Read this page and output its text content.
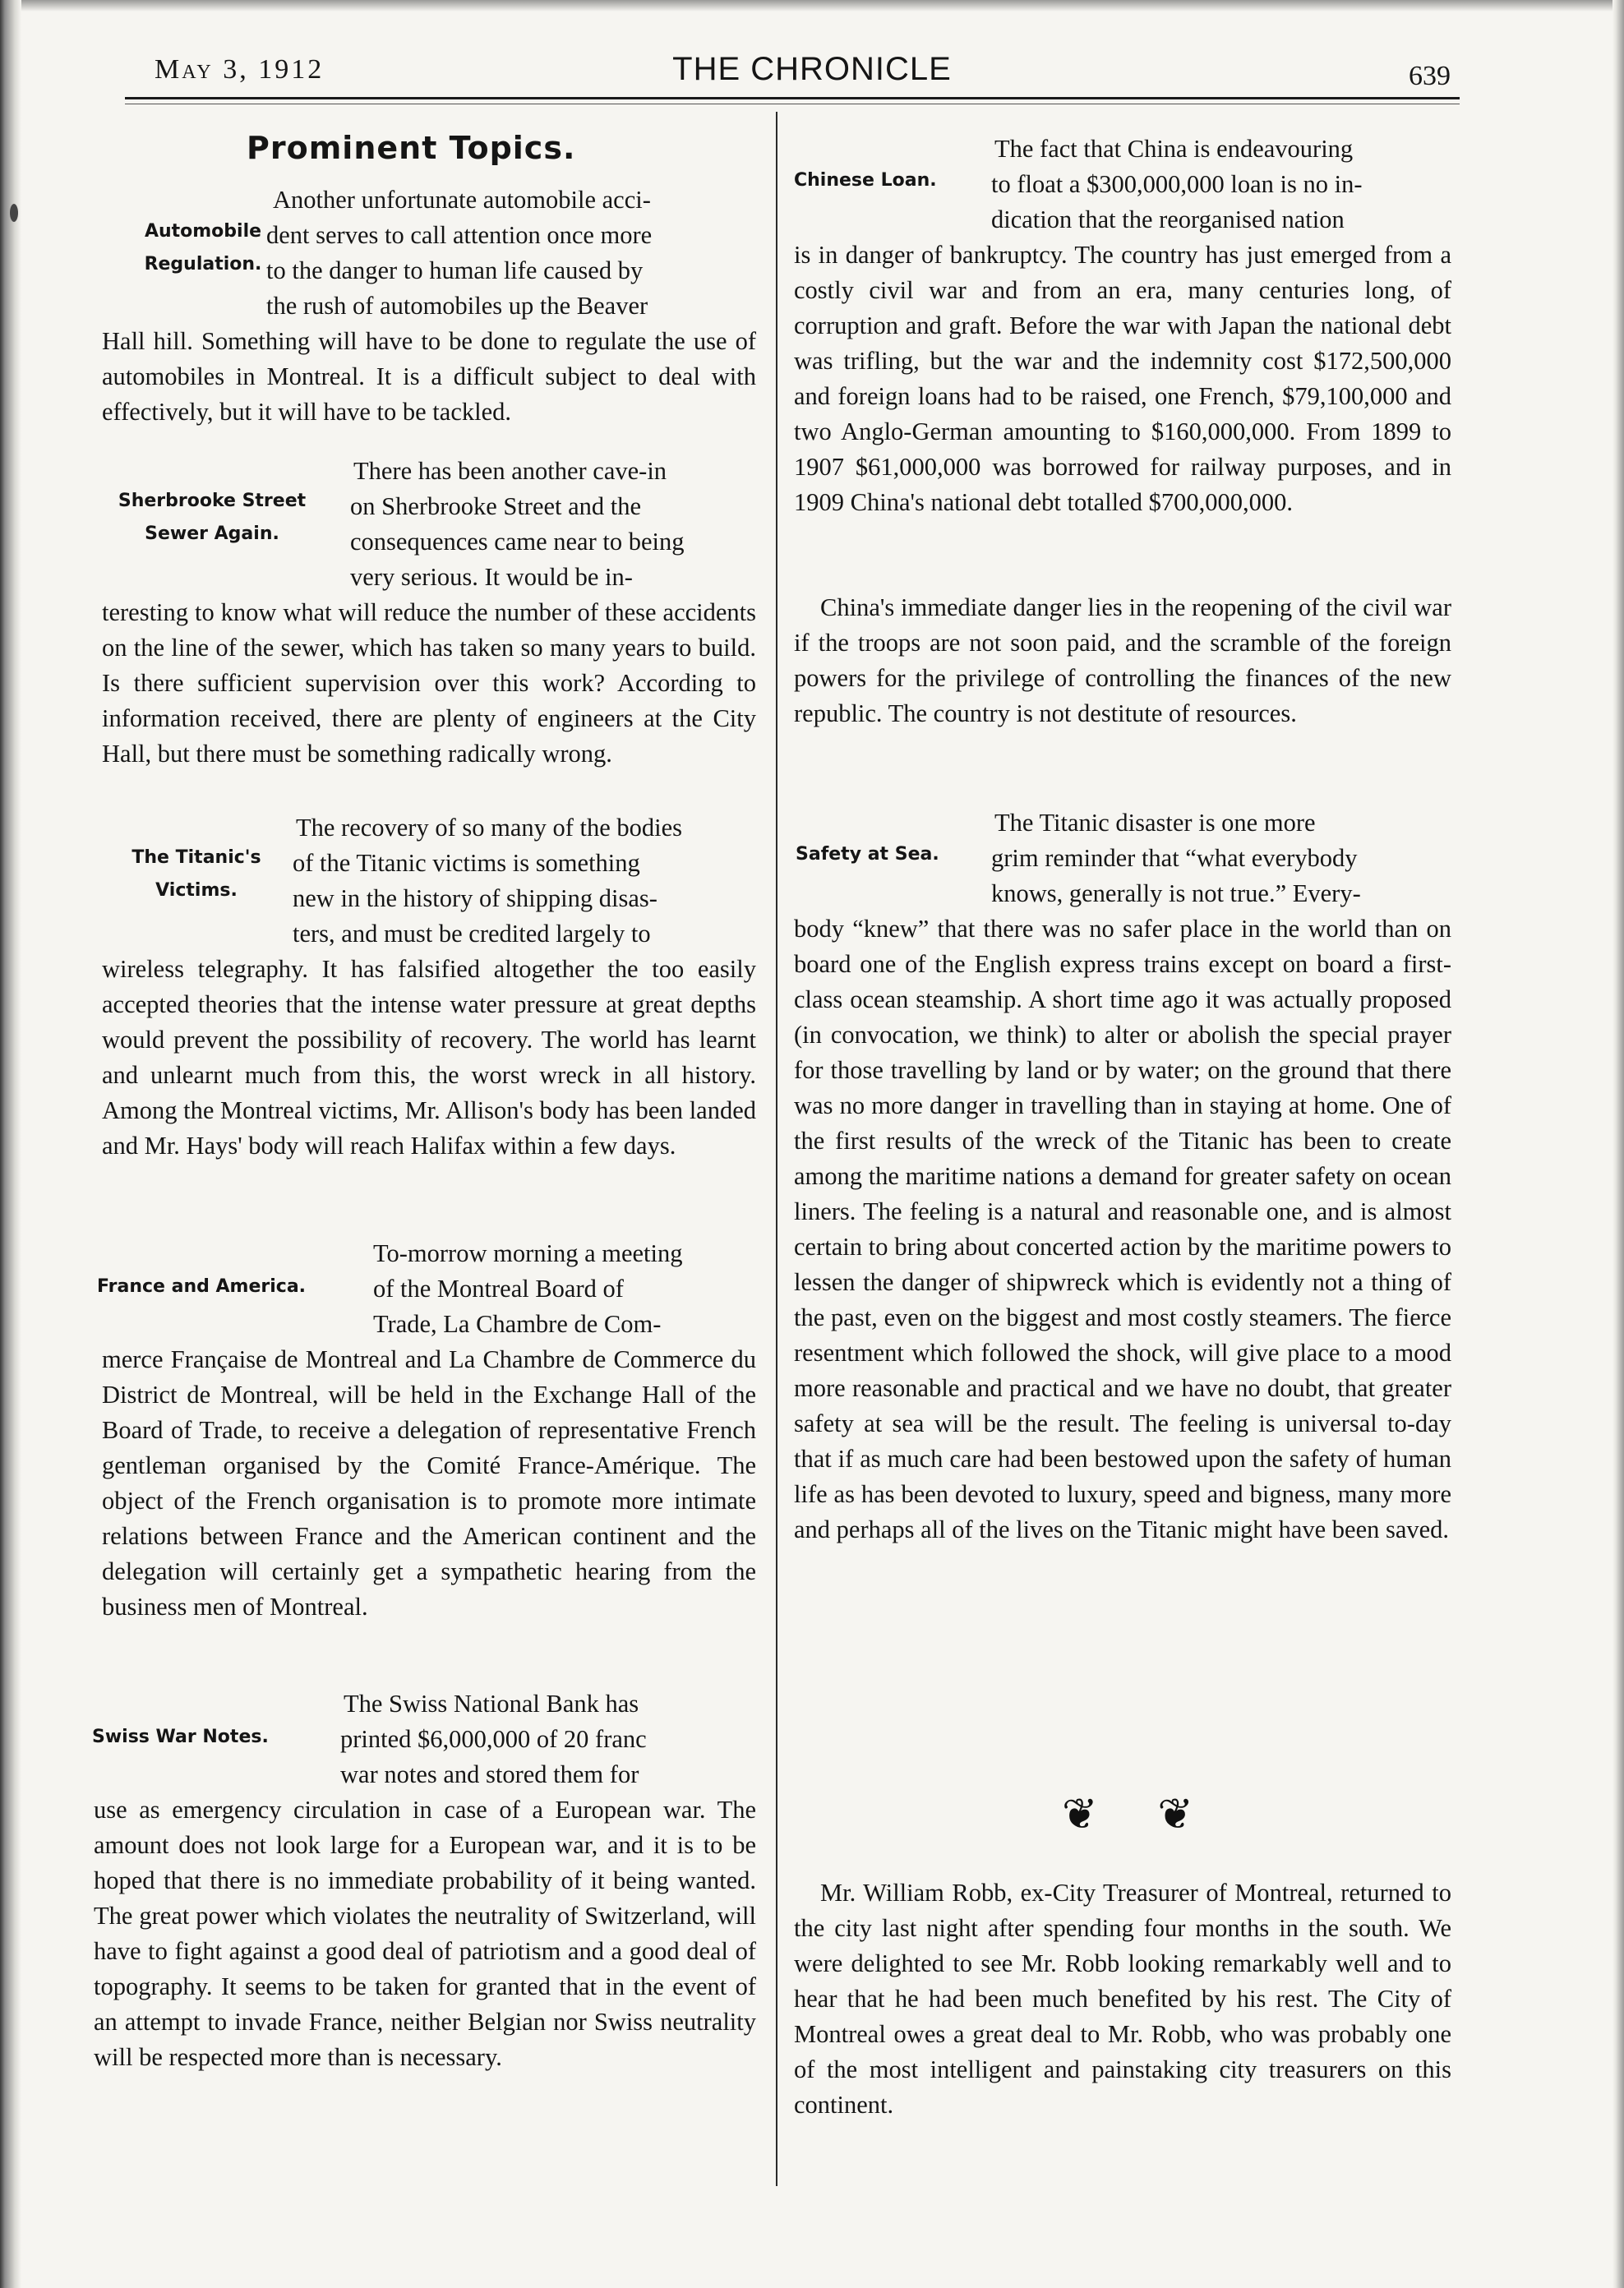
May 3, 1912	THE CHRONICLE	639
Prominent Topics.
Automobile
Regulation.
Another unfortunate automobile acci-
dent serves to call attention once more
to the danger to human life caused by
the rush of automobiles up the Beaver

Hall hill. Something will have to be done to regulate the use of automobiles in Montreal. It is a difficult subject to deal with effectively, but it will have to be tackled.

Sherbrooke Street
Sewer Again.
There has been another cave-in
on Sherbrooke Street and the
consequences came near to being
very serious. It would be in-

teresting to know what will reduce the number of these accidents on the line of the sewer, which has taken so many years to build. Is there sufficient supervision over this work? According to information received, there are plenty of engineers at the City Hall, but there must be something radically wrong.

The Titanic's
Victims.
The recovery of so many of the bodies
of the Titanic victims is something
new in the history of shipping disas-
ters, and must be credited largely to

wireless telegraphy. It has falsified altogether the too easily accepted theories that the intense water pressure at great depths would prevent the possibility of recovery. The world has learnt and unlearnt much from this, the worst wreck in all history. Among the Montreal victims, Mr. Allison's body has been landed and Mr. Hays' body will reach Halifax within a few days.

France and America.
To-morrow morning a meeting
of the Montreal Board of
Trade, La Chambre de Com-

merce Française de Montreal and La Chambre de Commerce du District de Montreal, will be held in the Exchange Hall of the Board of Trade, to receive a delegation of representative French gentleman organised by the Comité France-Amérique. The object of the French organisation is to promote more intimate relations between France and the American continent and the delegation will certainly get a sympathetic hearing from the business men of Montreal.

Swiss War Notes.
The Swiss National Bank has
printed $6,000,000 of 20 franc
war notes and stored them for

use as emergency circulation in case of a European war. The amount does not look large for a European war, and it is to be hoped that there is no immediate probability of it being wanted. The great power which violates the neutrality of Switzerland, will have to fight against a good deal of patriotism and a good deal of topography. It seems to be taken for granted that in the event of an attempt to invade France, neither Belgian nor Swiss neutrality will be respected more than is necessary.

Chinese Loan.
The fact that China is endeavouring
to float a $300,000,000 loan is no in-
dication that the reorganised nation

is in danger of bankruptcy. The country has just emerged from a costly civil war and from an era, many centuries long, of corruption and graft. Before the war with Japan the national debt was trifling, but the war and the indemnity cost $172,500,000 and foreign loans had to be raised, one French, $79,100,000 and two Anglo-German amounting to $160,000,000. From 1899 to 1907 $61,000,000 was borrowed for railway purposes, and in 1909 China's national debt totalled $700,000,000.

China's immediate danger lies in the reopening of the civil war if the troops are not soon paid, and the scramble of the foreign powers for the privilege of controlling the finances of the new republic. The country is not destitute of resources.

Safety at Sea.
The Titanic disaster is one more
grim reminder that “what everybody
knows, generally is not true.” Every-

body “knew” that there was no safer place in the world than on board one of the English express trains except on board a first-class ocean steamship. A short time ago it was actually proposed (in convocation, we think) to alter or abolish the special prayer for those travelling by land or by water; on the ground that there was no more danger in travelling than in staying at home. One of the first results of the wreck of the Titanic has been to create among the maritime nations a demand for greater safety on ocean liners. The feeling is a natural and reasonable one, and is almost certain to bring about concerted action by the maritime powers to lessen the danger of shipwreck which is evidently not a thing of the past, even on the biggest and most costly steamers. The fierce resentment which followed the shock, will give place to a mood more reasonable and practical and we have no doubt, that greater safety at sea will be the result. The feeling is universal to-day that if as much care had been bestowed upon the safety of human life as has been devoted to luxury, speed and bigness, many more and perhaps all of the lives on the Titanic might have been saved.

❦ ❦

Mr. William Robb, ex-City Treasurer of Montreal, returned to the city last night after spending four months in the south. We were delighted to see Mr. Robb looking remarkably well and to hear that he had been much benefited by his rest. The City of Montreal owes a great deal to Mr. Robb, who was probably one of the most intelligent and painstaking city treasurers on this continent.
